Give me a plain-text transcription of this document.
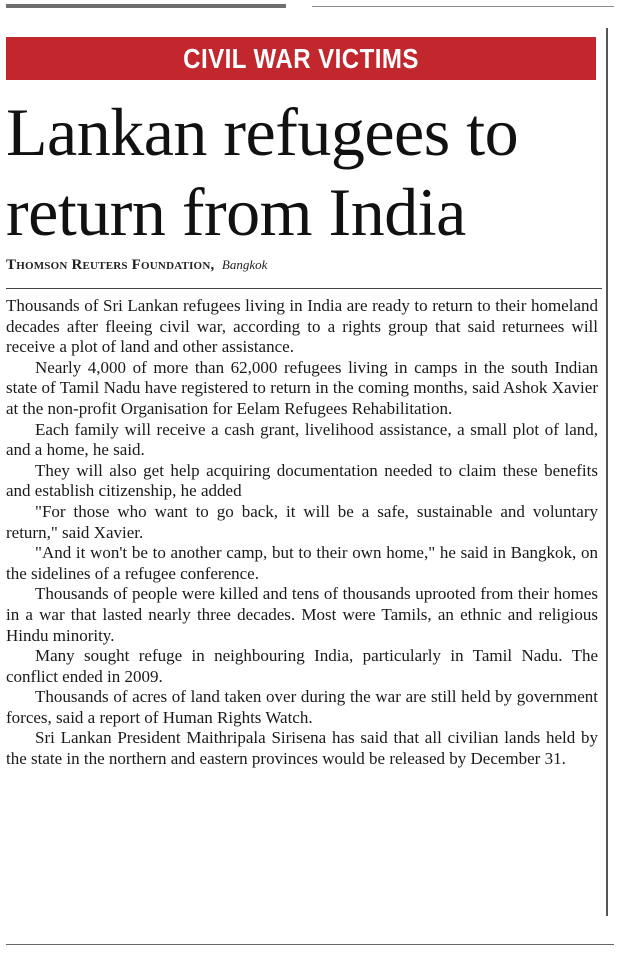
CIVIL WAR VICTIMS
Lankan refugees to return from India
Thomson Reuters Foundation, Bangkok

Thousands of Sri Lankan refugees living in India are ready to return to their homeland decades after fleeing civil war, according to a rights group that said returnees will receive a plot of land and other assistance.

Nearly 4,000 of more than 62,000 refugees living in camps in the south Indian state of Tamil Nadu have registered to return in the coming months, said Ashok Xavier at the non-profit Organisation for Eelam Refugees Rehabilitation.

Each family will receive a cash grant, livelihood assistance, a small plot of land, and a home, he said.

They will also get help acquiring documentation needed to claim these benefits and establish citizenship, he added

"For those who want to go back, it will be a safe, sustainable and voluntary return," said Xavier.

"And it won't be to another camp, but to their own home," he said in Bangkok, on the sidelines of a refugee conference.

Thousands of people were killed and tens of thousands uprooted from their homes in a war that lasted nearly three decades. Most were Tamils, an ethnic and religious Hindu minority.

Many sought refuge in neighbouring India, particularly in Tamil Nadu. The conflict ended in 2009.

Thousands of acres of land taken over during the war are still held by government forces, said a report of Human Rights Watch.

Sri Lankan President Maithripala Sirisena has said that all civilian lands held by the state in the northern and eastern provinces would be released by December 31.
